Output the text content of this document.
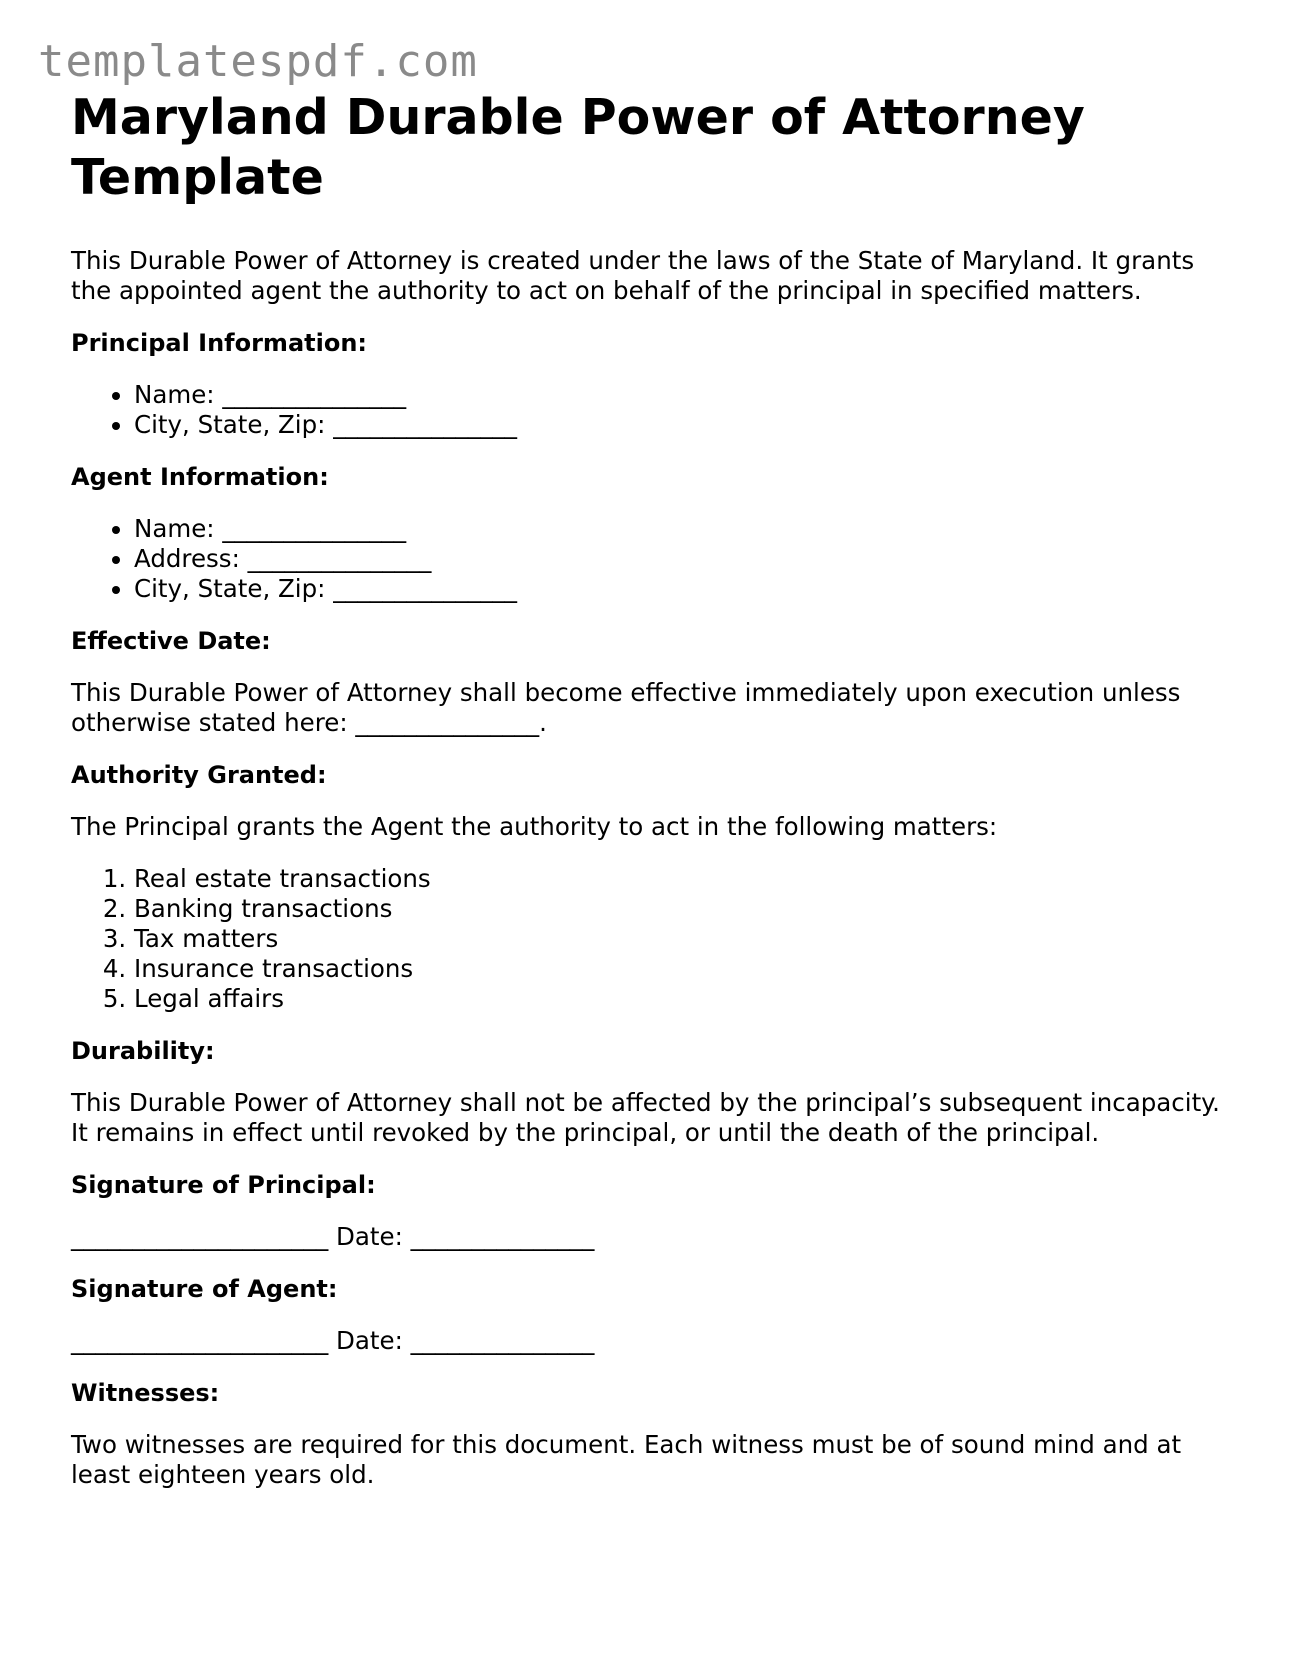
templatespdf.com
Maryland Durable Power of Attorney Template

This Durable Power of Attorney is created under the laws of the State of Maryland. It grants the appointed agent the authority to act on behalf of the principal in specified matters.

Principal Information:
• Name: _______________
• City, State, Zip: _______________
Agent Information:
• Name: _______________
• Address: _______________
• City, State, Zip: _______________
Effective Date:

This Durable Power of Attorney shall become effective immediately upon execution unless otherwise stated here: _______________.

Authority Granted:

The Principal grants the Agent the authority to act in the following matters:

1. Real estate transactions
2. Banking transactions
3. Tax matters
4. Insurance transactions
5. Legal affairs
Durability:

This Durable Power of Attorney shall not be affected by the principal’s subsequent incapacity. It remains in effect until revoked by the principal, or until the death of the principal.

Signature of Principal:
_____________________ Date: _______________
Signature of Agent:
_____________________ Date: _______________
Witnesses:

Two witnesses are required for this document. Each witness must be of sound mind and at least eighteen years old.
